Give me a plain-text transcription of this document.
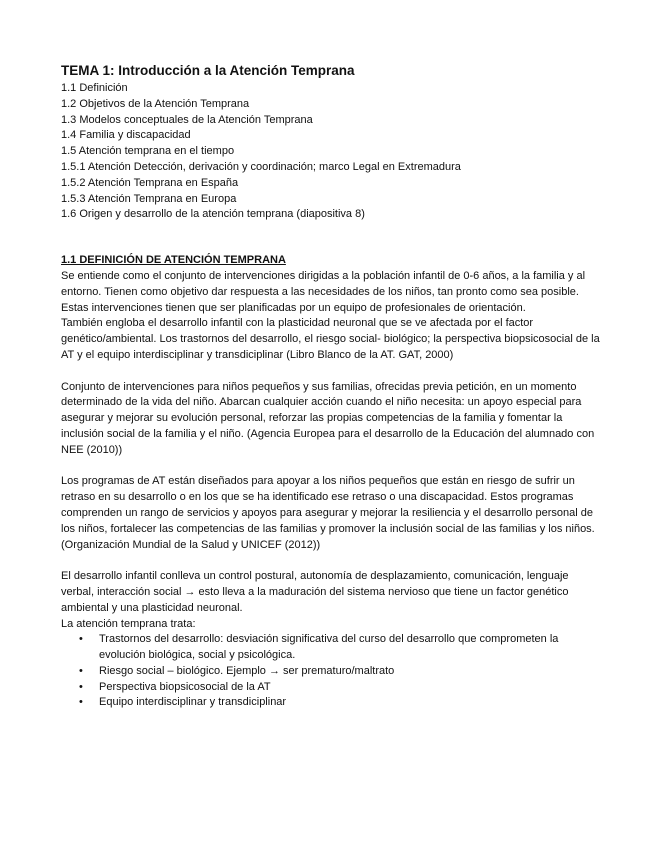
TEMA 1: Introducción a la Atención Temprana
1.1 Definición
1.2 Objetivos de la Atención Temprana
1.3 Modelos conceptuales de la Atención Temprana
1.4 Familia y discapacidad
1.5 Atención temprana en el tiempo
1.5.1 Atención Detección, derivación y coordinación; marco Legal en Extremadura
1.5.2 Atención Temprana en España
1.5.3 Atención Temprana en Europa
1.6 Origen y desarrollo de la atención temprana (diapositiva 8)
1.1 DEFINICIÓN DE ATENCIÓN TEMPRANA

Se entiende como el conjunto de intervenciones dirigidas a la población infantil de 0-6 años, a la familia y al entorno. Tienen como objetivo dar respuesta a las necesidades de los niños, tan pronto como sea posible. Estas intervenciones tienen que ser planificadas por un equipo de profesionales de orientación.

También engloba el desarrollo infantil con la plasticidad neuronal que se ve afectada por el factor genético/ambiental. Los trastornos del desarrollo, el riesgo social- biológico; la perspectiva biopsicosocial de la AT y el equipo interdisciplinar y transdiciplinar (Libro Blanco de la AT. GAT, 2000)

Conjunto de intervenciones para niños pequeños y sus familias, ofrecidas previa petición, en un momento determinado de la vida del niño. Abarcan cualquier acción cuando el niño necesita: un apoyo especial para asegurar y mejorar su evolución personal, reforzar las propias competencias de la familia y fomentar la inclusión social de la familia y el niño. (Agencia Europea para el desarrollo de la Educación del alumnado con NEE (2010))

Los programas de AT están diseñados para apoyar a los niños pequeños que están en riesgo de sufrir un retraso en su desarrollo o en los que se ha identificado ese retraso o una discapacidad. Estos programas comprenden un rango de servicios y apoyos para asegurar y mejorar la resiliencia y el desarrollo personal de los niños, fortalecer las competencias de las familias y promover la inclusión social de las familias y los niños. (Organización Mundial de la Salud y UNICEF (2012))

El desarrollo infantil conlleva un control postural, autonomía de desplazamiento, comunicación, lenguaje verbal, interacción social → esto lleva a la maduración del sistema nervioso que tiene un factor genético ambiental y una plasticidad neuronal.

La atención temprana trata:

• Trastornos del desarrollo: desviación significativa del curso del desarrollo que comprometen la evolución biológica, social y psicológica.
• Riesgo social – biológico. Ejemplo → ser prematuro/maltrato
• Perspectiva biopsicosocial de la AT
• Equipo interdisciplinar y transdiciplinar
